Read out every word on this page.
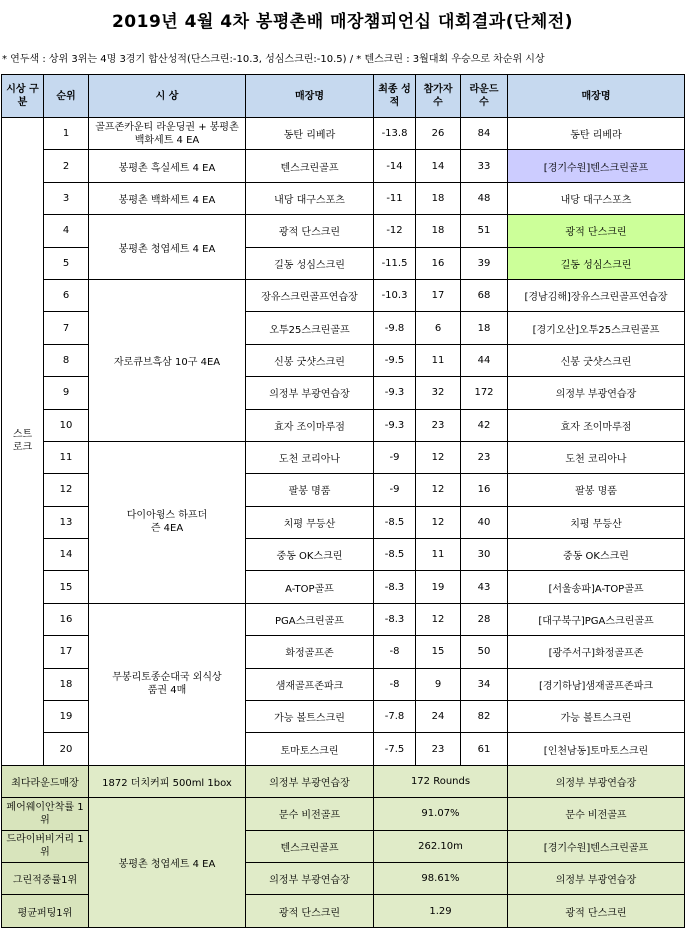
2019년 4월 4차 봉평촌배 매장챔피언십 대회결과(단체전)
* 연두색 : 상위 3위는 4명 3경기 합산성적(단스크린:-10.3, 성심스크린:-10.5) / * 텐스크린 : 3월대회 우승으로 차순위 시상
시상 구분	순위	시 상	매장명	최종 성적	참가자 수	라운드 수	매장명
스트로크	1	골프존카운티 라운딩권 + 봉평촌 백화세트 4 EA	동탄 리베라	-13.8	26	84	동탄 리베라
	2	봉평촌 흑실세트 4 EA	텐스크린골프	-14	14	33	[경기수원]텐스크린골프
	3	봉평촌 백화세트 4 EA	내당 대구스포츠	-11	18	48	내당 대구스포츠
	4	봉평촌 청엽세트 4 EA	광적 단스크린	-12	18	51	광적 단스크린
	5		길동 성심스크린	-11.5	16	39	길동 성심스크린
	6	자로큐브흑삼 10구 4EA	장유스크린골프연습장	-10.3	17	68	[경남김해]장유스크린골프연습장
	7		오투25스크린골프	-9.8	6	18	[경기오산]오투25스크린골프
	8		신봉 굿샷스크린	-9.5	11	44	신봉 굿샷스크린
	9		의정부 부광연습장	-9.3	32	172	의정부 부광연습장
	10		효자 조이마루점	-9.3	23	42	효자 조이마루점
	11	다이아윙스 하프더즌 4EA	도천 코리아나	-9	12	23	도천 코리아나
	12		팔봉 명품	-9	12	16	팔봉 명품
	13		치평 무등산	-8.5	12	40	치평 무등산
	14		중동 OK스크린	-8.5	11	30	중동 OK스크린
	15		A-TOP골프	-8.3	19	43	[서울송파]A-TOP골프
	16	무봉리토종순대국 외식상품권 4매	PGA스크린골프	-8.3	12	28	[대구북구]PGA스크린골프
	17		화정골프존	-8	15	50	[광주서구]화정골프존
	18		샘재골프존파크	-8	9	34	[경기하남]샘재골프존파크
	19		가능 볼트스크린	-7.8	24	82	가능 볼트스크린
	20		토마토스크린	-7.5	23	61	[인천남동]토마토스크린
최다라운드매장		1872 더치커피 500ml 1box	의정부 부광연습장	172 Rounds			의정부 부광연습장
페어웨이안착률 1위		봉평촌 청엽세트 4 EA	문수 비전골프	91.07%			문수 비전골프
드라이버비거리 1위			텐스크린골프	262.10m			[경기수원]텐스크린골프
그린적중률1위			의정부 부광연습장	98.61%			의정부 부광연습장
평균퍼팅1위			광적 단스크린	1.29			광적 단스크린
